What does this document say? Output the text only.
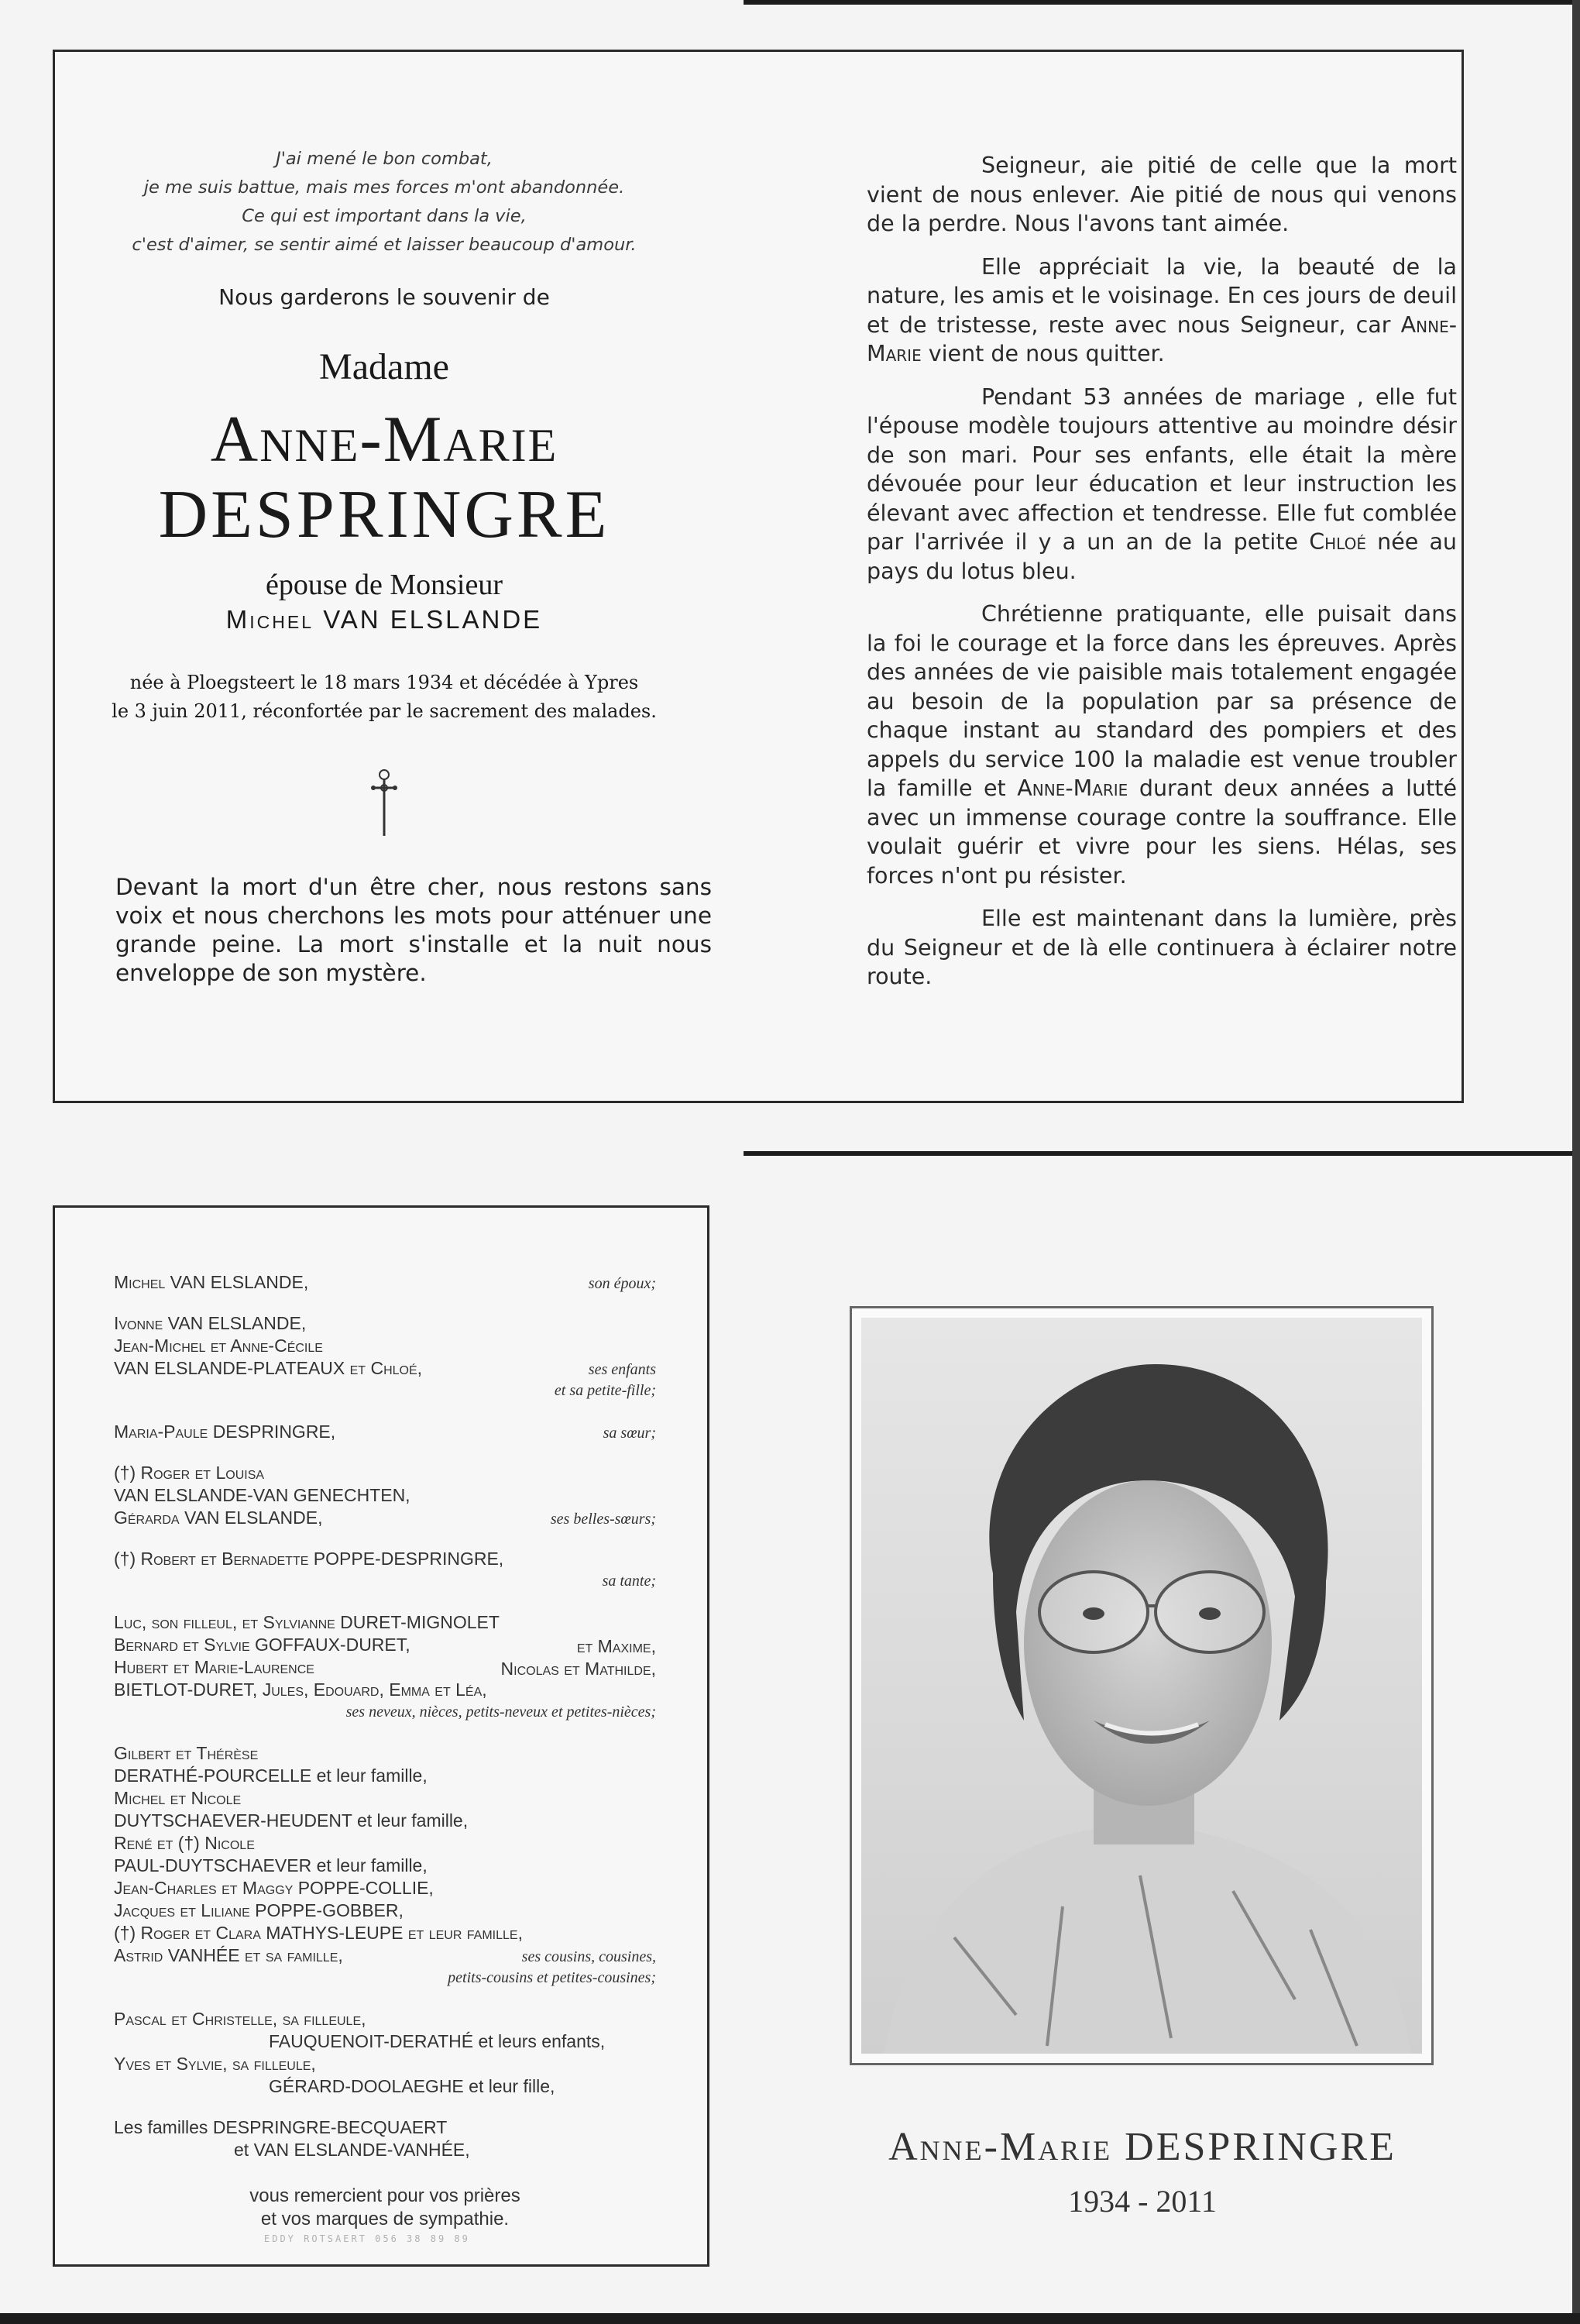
J'ai mené le bon combat,
je me suis battue, mais mes forces m'ont abandonnée.
Ce qui est important dans la vie,
c'est d'aimer, se sentir aimé et laisser beaucoup d'amour.
Nous garderons le souvenir de
Madame
Anne-Marie
DESPRINGRE
épouse de Monsieur
Michel VAN ELSLANDE
née à Ploegsteert le 18 mars 1934 et décédée à Ypres
le 3 juin 2011, réconfortée par le sacrement des malades.
Devant la mort d'un être cher, nous restons sans voix et nous cherchons les mots pour atténuer une grande peine. La mort s'installe et la nuit nous enveloppe de son mystère.

Seigneur, aie pitié de celle que la mort vient de nous enlever. Aie pitié de nous qui venons de la perdre. Nous l'avons tant aimée.

Elle appréciait la vie, la beauté de la nature, les amis et le voisinage. En ces jours de deuil et de tristesse, reste avec nous Seigneur, car Anne-Marie vient de nous quitter.

Pendant 53 années de mariage , elle fut l'épouse modèle toujours attentive au moindre désir de son mari. Pour ses enfants, elle était la mère dévouée pour leur éducation et leur instruction les élevant avec affection et tendresse. Elle fut comblée par l'arrivée il y a un an de la petite Chloé née au pays du lotus bleu.

Chrétienne pratiquante, elle puisait dans la foi le courage et la force dans les épreuves. Après des années de vie paisible mais totalement engagée au besoin de la population par sa présence de chaque instant au standard des pompiers et des appels du service 100 la maladie est venue troubler la famille et Anne-Marie durant deux années a lutté avec un immense courage contre la souffrance. Elle voulait guérir et vivre pour les siens. Hélas, ses forces n'ont pu résister.

Elle est maintenant dans la lumière, près du Seigneur et de là elle continuera à éclairer notre route.

Michel VAN ELSLANDE,	son époux;
Ivonne VAN ELSLANDE,
Jean-Michel et Anne-Cécile
VAN ELSLANDE-PLATEAUX et Chloé,	ses enfants
et sa petite-fille;
Maria-Paule DESPRINGRE,	sa sœur;
(†) Roger et Louisa
VAN ELSLANDE-VAN GENECHTEN,
Gérarda VAN ELSLANDE,	ses belles-sœurs;
(†) Robert et Bernadette POPPE-DESPRINGRE,
sa tante;
Luc, son filleul, et Sylvianne DURET-MIGNOLET
Bernard et Sylvie GOFFAUX-DURET,	et Maxime,
Hubert et Marie-Laurence	Nicolas et Mathilde,
BIETLOT-DURET, Jules, Edouard, Emma et Léa,
ses neveux, nièces, petits-neveux et petites-nièces;
Gilbert et Thérèse
DERATHÉ-POURCELLE et leur famille,
Michel et Nicole
DUYTSCHAEVER-HEUDENT et leur famille,
René et (†) Nicole
PAUL-DUYTSCHAEVER et leur famille,
Jean-Charles et Maggy POPPE-COLLIE,
Jacques et Liliane POPPE-GOBBER,
(†) Roger et Clara MATHYS-LEUPE et leur famille,
Astrid VANHÉE et sa famille,	ses cousins, cousines,
petits-cousins et petites-cousines;
Pascal et Christelle, sa filleule,
FAUQUENOIT-DERATHÉ et leurs enfants,
Yves et Sylvie, sa filleule,
GÉRARD-DOOLAEGHE et leur fille,
Les familles DESPRINGRE-BECQUAERT
et VAN ELSLANDE-VANHÉE,
vous remercient pour vos prières
et vos marques de sympathie.
EDDY ROTSAERT 056 38 89 89
Anne-Marie DESPRINGRE
1934 - 2011
